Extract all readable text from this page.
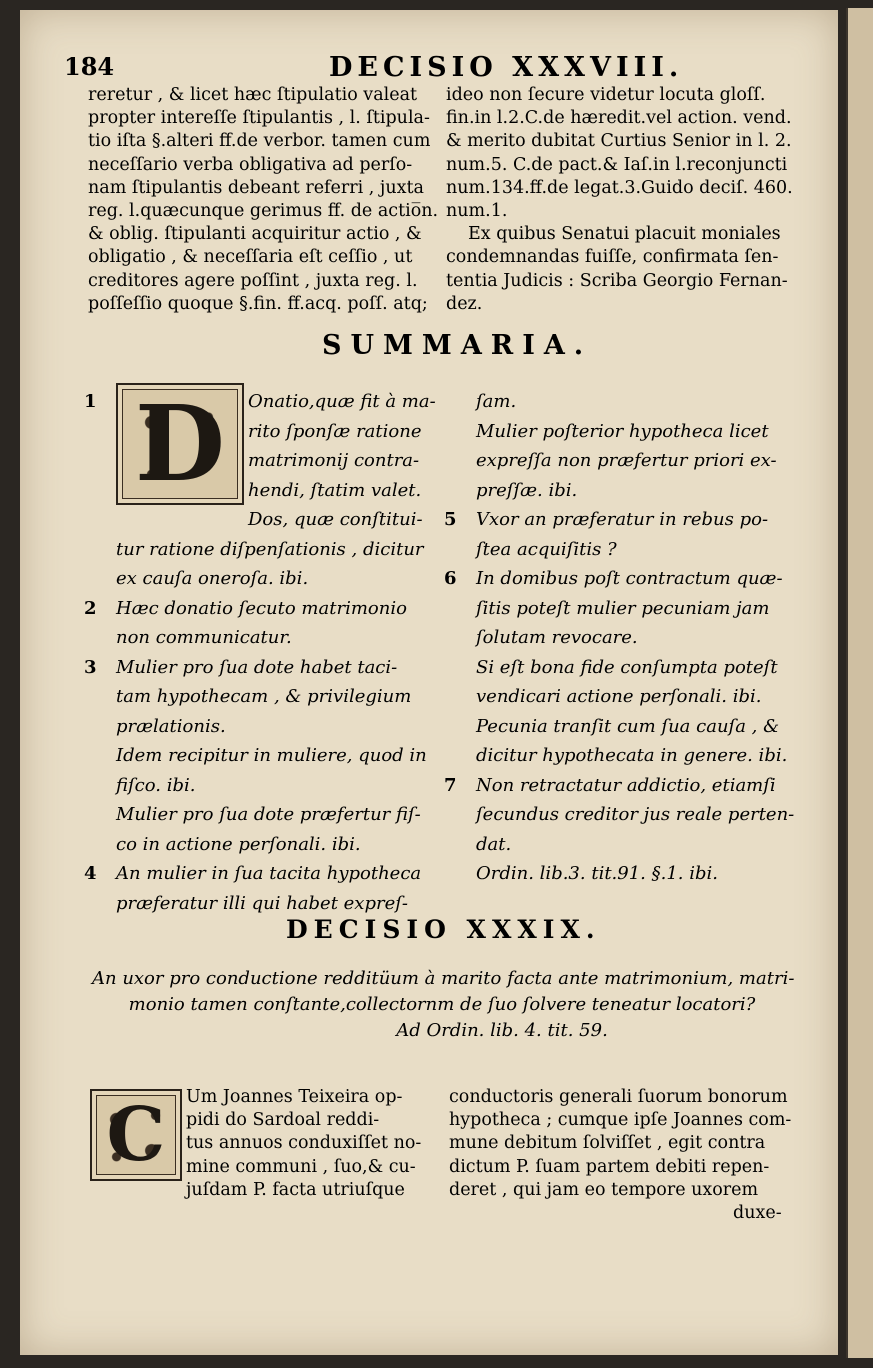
184	DECISIO XXXVIII.
reretur , & licet hæc ſtipulatio valeat
propter intereſſe ſtipulantis , l. ſtipula-
tio iſta §.alteri ff.de verbor. tamen cum
neceſſario verba obligativa ad perſo-
nam ſtipulantis debeant referri , juxta
reg. l.quæcunque gerimus ff. de actio̅n.
& oblig. ſtipulanti acquiritur actio , &
obligatio , & neceſſaria eſt ceſſio , ut
creditores agere poſſint , juxta reg. l.
poſſeſſio quoque §.fin. ff.acq. poſſ. atq;
ideo non ſecure videtur locuta gloſſ.
fin.in l.2.C.de hæredit.vel action. vend.
& merito dubitat Curtius Senior in l. 2.
num.5. C.de pact.& Iaſ.in l.reconjuncti
num.134.ff.de legat.3.Guido deciſ. 460.
num.1.
Ex quibus Senatui placuit moniales
condemnandas fuiſſe, confirmata ſen-
tentia Judicis : Scriba Georgio Fernan-
dez.
SUMMARIA.
D
1	Onatio,quæ fit à ma-
rito ſponſæ ratione
matrimonij contra-
hendi, ſtatim valet.
Dos, quæ conſtitui-
tur ratione diſpenſationis , dicitur
ex cauſa oneroſa. ibi.
2 Hæc donatio ſecuto matrimonio
non communicatur.
3 Mulier pro ſua dote habet taci-
tam hypothecam , & privilegium
prælationis.
Idem recipitur in muliere, quod in
fiſco. ibi.
Mulier pro ſua dote præfertur fiſ-
co in actione perſonali. ibi.
4 An mulier in ſua tacita hypotheca
præferatur illi qui habet expreſ-
ſam.
Mulier poſterior hypotheca licet
expreſſa non præfertur priori ex-
preſſæ. ibi.
5 Vxor an præferatur in rebus po-
ſtea acquiſitis ?
6 In domibus poſt contractum quæ-
ſitis poteſt mulier pecuniam jam
ſolutam revocare.
Si eſt bona fide conſumpta poteſt
vendicari actione perſonali. ibi.
Pecunia tranſit cum ſua cauſa , &
dicitur hypothecata in genere. ibi.
7 Non retractatur addictio, etiamſi
ſecundus creditor jus reale perten-
dat.
Ordin. lib.3. tit.91. §.1. ibi.
DECISIO XXXIX.
An uxor pro conductione redditüum à marito facta ante matrimonium, matri-
monio tamen conſtante,collectornm de ſuo ſolvere teneatur locatori?
Ad Ordin. lib. 4. tit. 59.
C	Um Joannes Teixeira op-
pidi do Sardoal reddi-
tus annuos conduxiſſet no-
mine communi , ſuo,& cu-
juſdam P. facta utriuſque
conductoris generali ſuorum bonorum
hypotheca ; cumque ipſe Joannes com-
mune debitum ſolviſſet , egit contra
dictum P. ſuam partem debiti repen-
deret , qui jam eo tempore uxorem
duxe-
